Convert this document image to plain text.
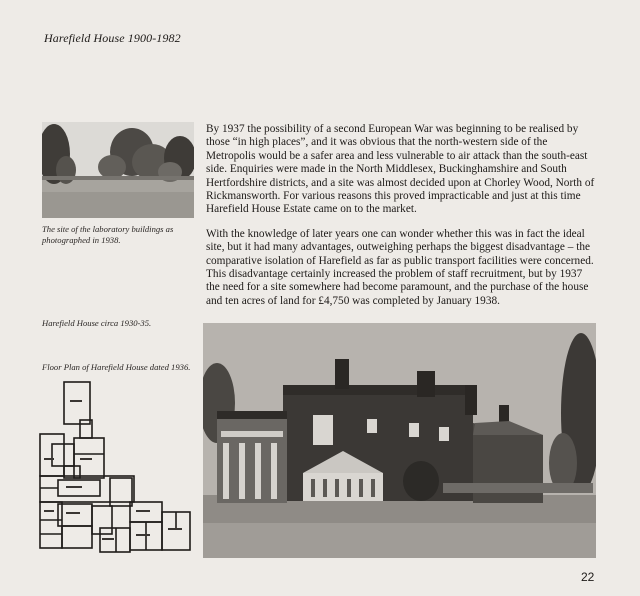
Harefield House 1900-1982
The site of the laboratory buildings as photographed in 1938.
Harefield House circa 1930-35.
Floor Plan of Harefield House dated 1936.

By 1937 the possibility of a second European War was beginning to be realised by those “in high places”, and it was obvious that the north-western side of the Metropolis would be a safer area and less vulnerable to air attack than the south-east side. Enquiries were made in the North Middlesex, Buckinghamshire and South Hertfordshire districts, and a site was almost decided upon at Chorley Wood, North of Rickmansworth. For various reasons this proved impracticable and just at this time Harefield House Estate came on to the market.

With the knowledge of later years one can wonder whether this was in fact the ideal site, but it had many advantages, outweighing perhaps the biggest disadvantage – the comparative isolation of Harefield as far as public transport facilities were concerned. This disadvantage certainly increased the problem of staff recruitment, but by 1937 the need for a site somewhere had become paramount, and the purchase of the house and ten acres of land for £4,750 was completed by January 1938.

22
